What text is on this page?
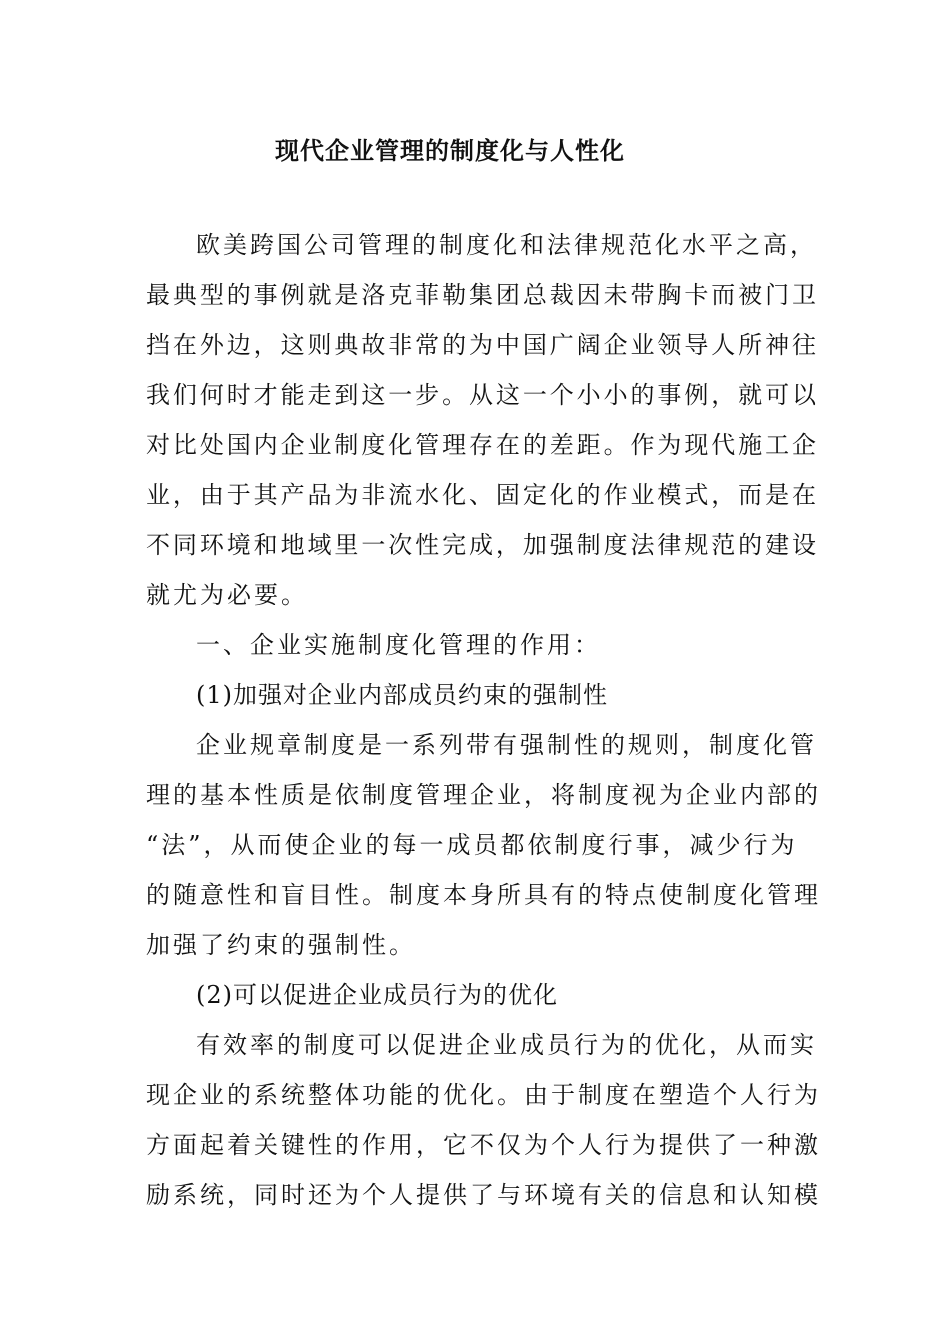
现代企业管理的制度化与人性化
欧美跨国公司管理的制度化和法律规范化水平之高，
最典型的事例就是洛克菲勒集团总裁因未带胸卡而被门卫
挡在外边，这则典故非常的为中国广阔企业领导人所神往
我们何时才能走到这一步。从这一个小小的事例，就可以
对比处国内企业制度化管理存在的差距。作为现代施工企
业，由于其产品为非流水化、固定化的作业模式，而是在
不同环境和地域里一次性完成，加强制度法律规范的建设
就尤为必要。
一、企业实施制度化管理的作用：
(1)加强对企业内部成员约束的强制性
企业规章制度是一系列带有强制性的规则，制度化管
理的基本性质是依制度管理企业，将制度视为企业内部的
“法”，从而使企业的每一成员都依制度行事，减少行为
的随意性和盲目性。制度本身所具有的特点使制度化管理
加强了约束的强制性。
(2)可以促进企业成员行为的优化
有效率的制度可以促进企业成员行为的优化，从而实
现企业的系统整体功能的优化。由于制度在塑造个人行为
方面起着关键性的作用，它不仅为个人行为提供了一种激
励系统，同时还为个人提供了与环境有关的信息和认知模
